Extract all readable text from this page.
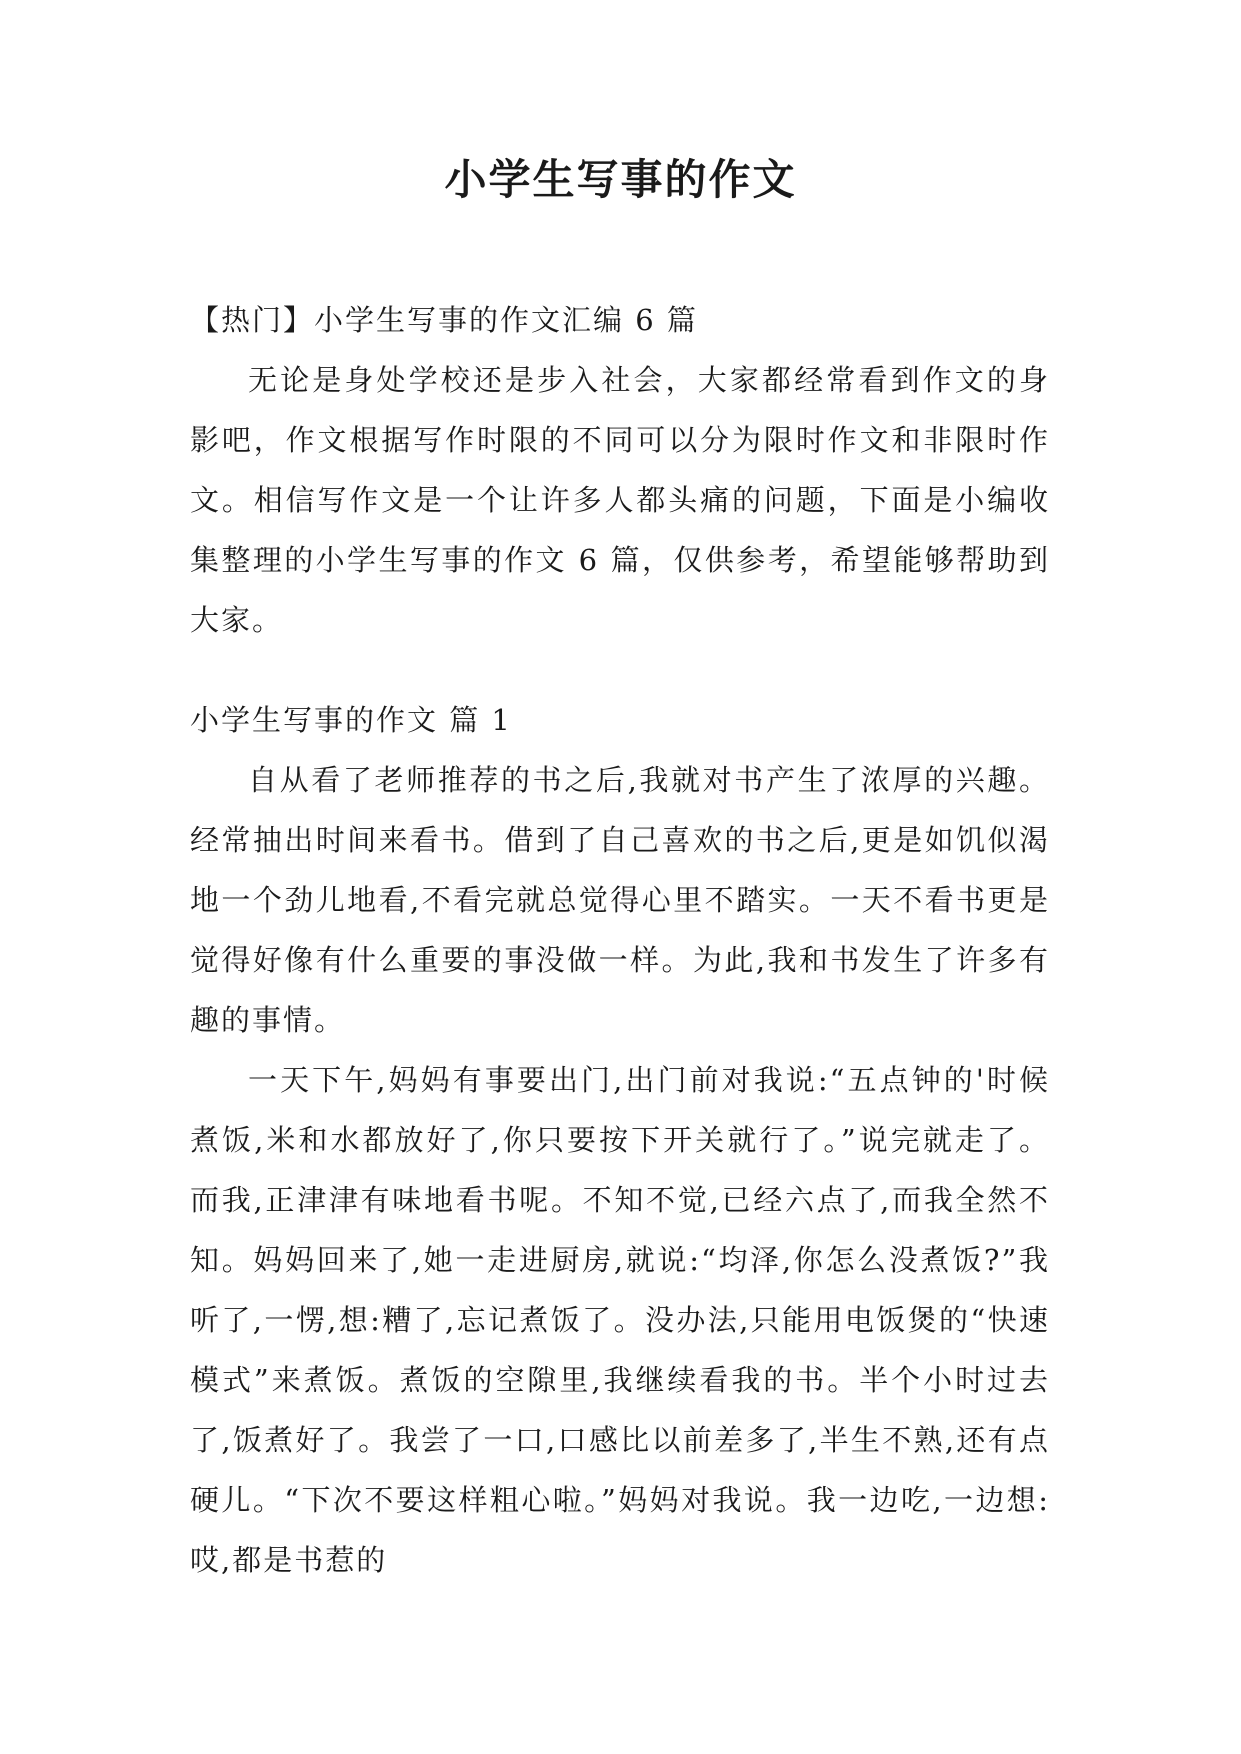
小学生写事的作文
【热门】小学生写事的作文汇编 6 篇

无论是身处学校还是步入社会，大家都经常看到作文的身影吧，作文根据写作时限的不同可以分为限时作文和非限时作文。相信写作文是一个让许多人都头痛的问题，下面是小编收集整理的小学生写事的作文 6 篇，仅供参考，希望能够帮助到大家。

小学生写事的作文 篇 1

自从看了老师推荐的书之后,我就对书产生了浓厚的兴趣。经常抽出时间来看书。借到了自己喜欢的书之后,更是如饥似渴地一个劲儿地看,不看完就总觉得心里不踏实。一天不看书更是觉得好像有什么重要的事没做一样。为此,我和书发生了许多有趣的事情。

一天下午,妈妈有事要出门,出门前对我说:“五点钟的'时候煮饭,米和水都放好了,你只要按下开关就行了。”说完就走了。而我,正津津有味地看书呢。不知不觉,已经六点了,而我全然不知。妈妈回来了,她一走进厨房,就说:“均泽,你怎么没煮饭?”我听了,一愣,想:糟了,忘记煮饭了。没办法,只能用电饭煲的“快速模式”来煮饭。煮饭的空隙里,我继续看我的书。半个小时过去了,饭煮好了。我尝了一口,口感比以前差多了,半生不熟,还有点硬儿。“下次不要这样粗心啦。”妈妈对我说。我一边吃,一边想:哎,都是书惹的
